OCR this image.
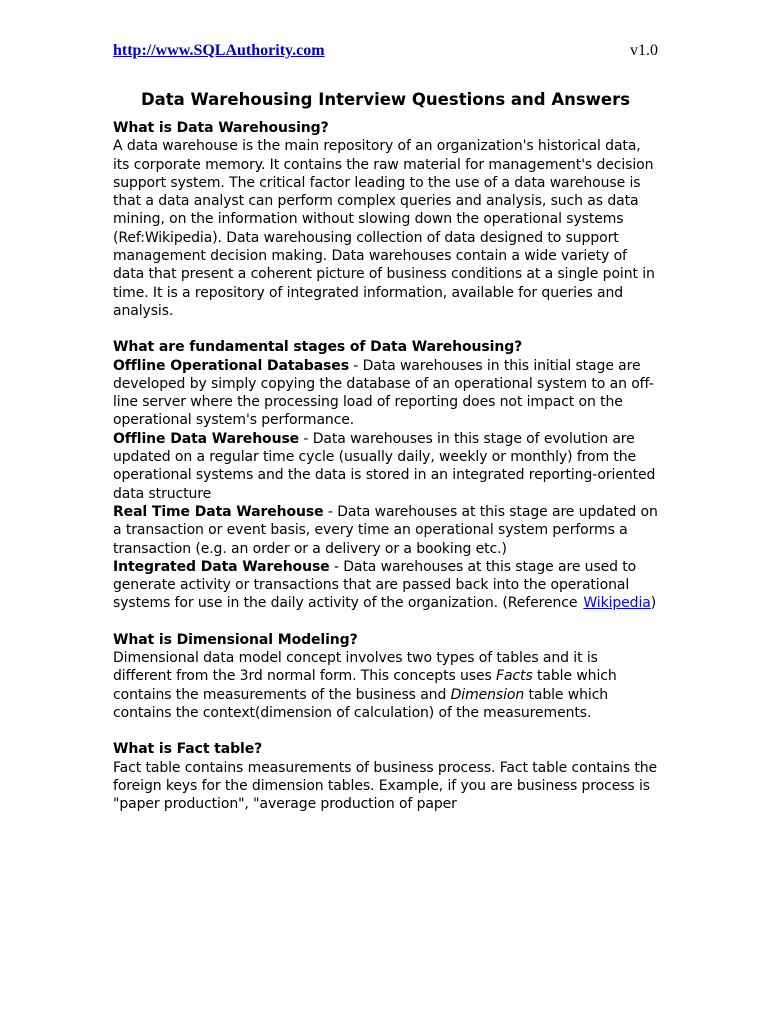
http://www.SQLAuthority.com	v1.0
Data Warehousing Interview Questions and Answers

What is Data Warehousing?

A data warehouse is the main repository of an organization's historical data, its corporate memory. It contains the raw material for management's decision support system. The critical factor leading to the use of a data warehouse is that a data analyst can perform complex queries and analysis, such as data mining, on the information without slowing down the operational systems (Ref:Wikipedia). Data warehousing collection of data designed to support management decision making. Data warehouses contain a wide variety of data that present a coherent picture of business conditions at a single point in time. It is a repository of integrated information, available for queries and analysis.

What are fundamental stages of Data Warehousing?

Offline Operational Databases - Data warehouses in this initial stage are developed by simply copying the database of an operational system to an off-line server where the processing load of reporting does not impact on the operational system's performance.

Offline Data Warehouse - Data warehouses in this stage of evolution are updated on a regular time cycle (usually daily, weekly or monthly) from the operational systems and the data is stored in an integrated reporting-oriented data structure

Real Time Data Warehouse - Data warehouses at this stage are updated on a transaction or event basis, every time an operational system performs a transaction (e.g. an order or a delivery or a booking etc.)

Integrated Data Warehouse - Data warehouses at this stage are used to generate activity or transactions that are passed back into the operational systems for use in the daily activity of the organization. (Reference Wikipedia)

What is Dimensional Modeling?

Dimensional data model concept involves two types of tables and it is different from the 3rd normal form. This concepts uses Facts table which contains the measurements of the business and Dimension table which contains the context(dimension of calculation) of the measurements.

What is Fact table?

Fact table contains measurements of business process. Fact table contains the foreign keys for the dimension tables. Example, if you are business process is "paper production", "average production of paper
